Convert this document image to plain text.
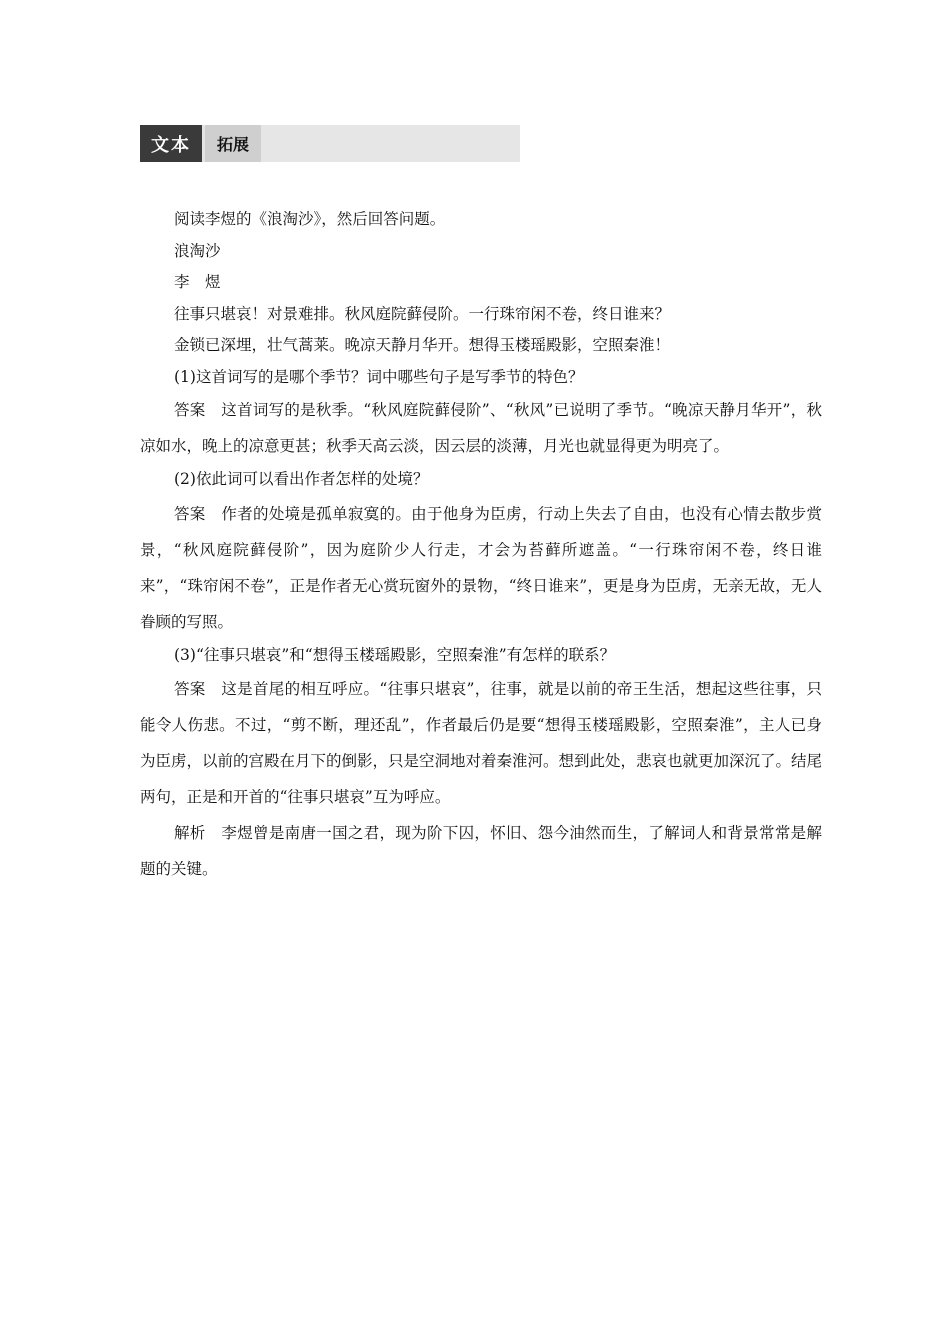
文本	拓展

阅读李煜的《浪淘沙》，然后回答问题。

浪淘沙

李　煜

往事只堪哀！对景难排。秋风庭院藓侵阶。一行珠帘闲不卷，终日谁来？

金锁已深埋，壮气蒿莱。晚凉天静月华开。想得玉楼瑶殿影，空照秦淮！

(1)这首词写的是哪个季节？词中哪些句子是写季节的特色？

答案　这首词写的是秋季。“秋风庭院藓侵阶”、“秋风”已说明了季节。“晚凉天静月华开”，秋凉如水，晚上的凉意更甚；秋季天高云淡，因云层的淡薄，月光也就显得更为明亮了。

(2)依此词可以看出作者怎样的处境？

答案　作者的处境是孤单寂寞的。由于他身为臣虏，行动上失去了自由，也没有心情去散步赏景，“秋风庭院藓侵阶”，因为庭阶少人行走，才会为苔藓所遮盖。“一行珠帘闲不卷，终日谁来”，“珠帘闲不卷”，正是作者无心赏玩窗外的景物，“终日谁来”，更是身为臣虏，无亲无故，无人眷顾的写照。

(3)“往事只堪哀”和“想得玉楼瑶殿影，空照秦淮”有怎样的联系？

答案　这是首尾的相互呼应。“往事只堪哀”，往事，就是以前的帝王生活，想起这些往事，只能令人伤悲。不过，“剪不断，理还乱”，作者最后仍是要“想得玉楼瑶殿影，空照秦淮”，主人已身为臣虏，以前的宫殿在月下的倒影，只是空洞地对着秦淮河。想到此处，悲哀也就更加深沉了。结尾两句，正是和开首的“往事只堪哀”互为呼应。

解析　李煜曾是南唐一国之君，现为阶下囚，怀旧、怨今油然而生，了解词人和背景常常是解题的关键。
